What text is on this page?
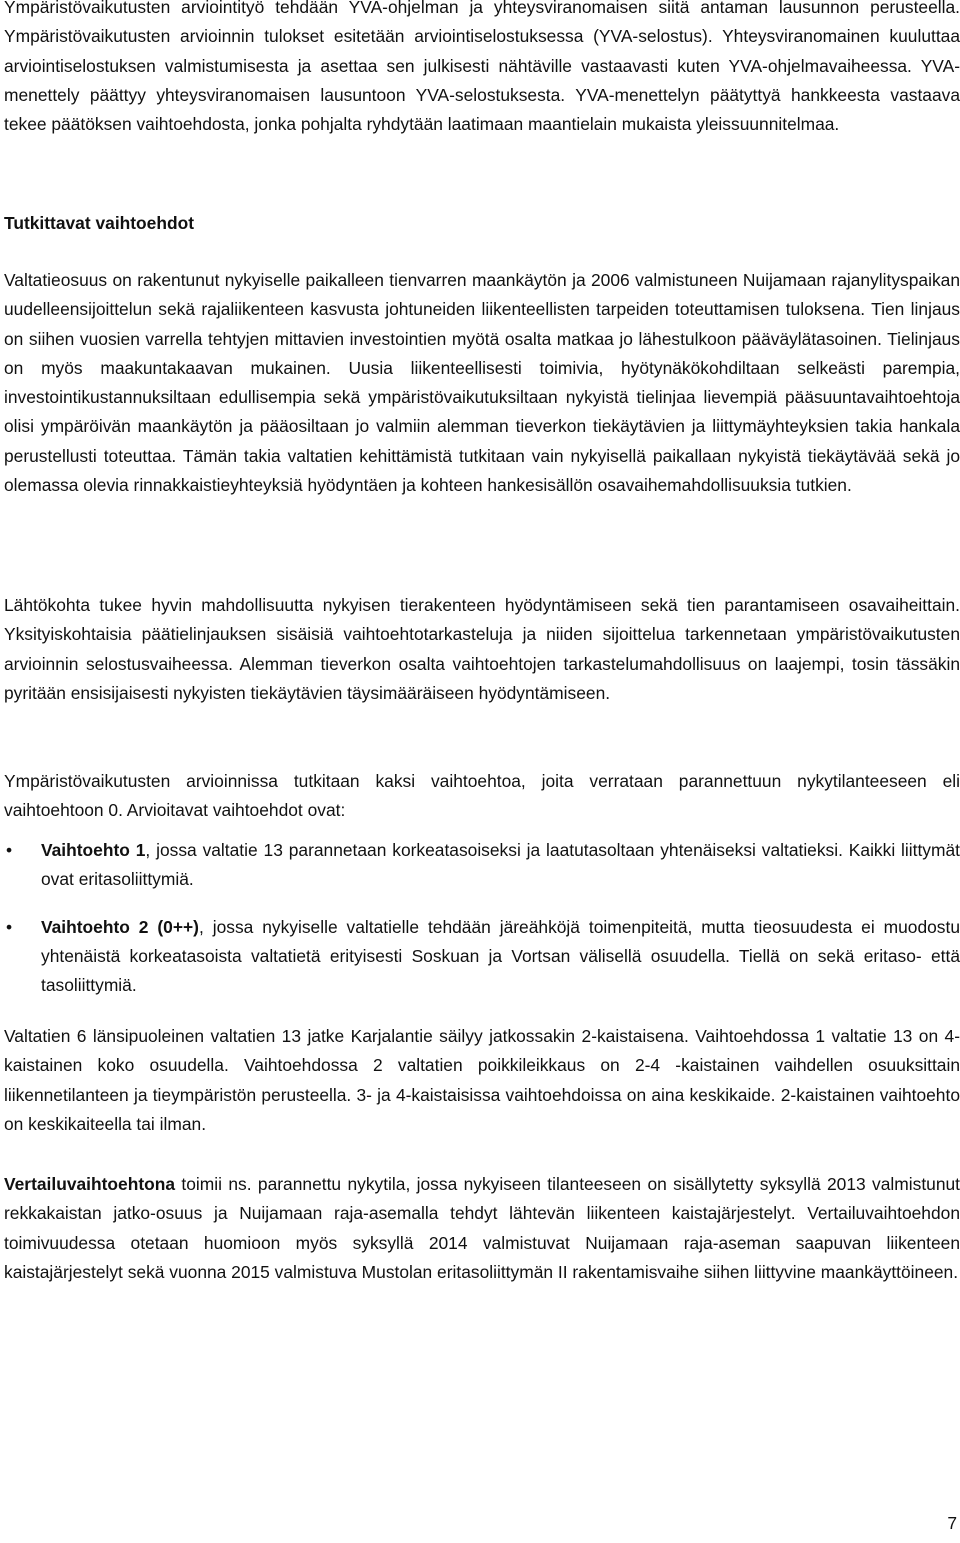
Ympäristövaikutusten arviointityö tehdään YVA-ohjelman ja yhteysviranomaisen siitä antaman lausunnon perusteella. Ympäristövaikutusten arvioinnin tulokset esitetään arviointiselostuksessa (YVA-selostus). Yhteysviranomainen kuuluttaa arviointiselostuksen valmistumisesta ja asettaa sen julkisesti nähtäville vastaavasti kuten YVA-ohjelmavaiheessa. YVA-menettely päättyy yhteysviranomaisen lausuntoon YVA-selostuksesta. YVA-menettelyn päätyttyä hankkeesta vastaava tekee päätöksen vaihtoehdosta, jonka pohjalta ryhdytään laatimaan maantielain mukaista yleissuunnitelmaa.

Tutkittavat vaihtoehdot

Valtatieosuus on rakentunut nykyiselle paikalleen tienvarren maankäytön ja 2006 valmistuneen Nuijamaan rajanylityspaikan uudelleensijoittelun sekä rajaliikenteen kasvusta johtuneiden liikenteellisten tarpeiden toteuttamisen tuloksena. Tien linjaus on siihen vuosien varrella tehtyjen mittavien investointien myötä osalta matkaa jo lähestulkoon pääväylätasoinen. Tielinjaus on myös maakuntakaavan mukainen. Uusia liikenteellisesti toimivia, hyötynäkökohdiltaan selkeästi parempia, investointikustannuksiltaan edullisempia sekä ympäristövaikutuksiltaan nykyistä tielinjaa lievempiä pääsuuntavaihtoehtoja olisi ympäröivän maankäytön ja pääosiltaan jo valmiin alemman tieverkon tiekäytävien ja liittymäyhteyksien takia hankala perustellusti toteuttaa. Tämän takia valtatien kehittämistä tutkitaan vain nykyisellä paikallaan nykyistä tiekäytävää sekä jo olemassa olevia rinnakkaistieyhteyksiä hyödyntäen ja kohteen hankesisällön osavaihemahdollisuuksia tutkien.

Lähtökohta tukee hyvin mahdollisuutta nykyisen tierakenteen hyödyntämiseen sekä tien parantamiseen osavaiheittain. Yksityiskohtaisia päätielinjauksen sisäisiä vaihtoehtotarkasteluja ja niiden sijoittelua tarkennetaan ympäristövaikutusten arvioinnin selostusvaiheessa. Alemman tieverkon osalta vaihtoehtojen tarkastelumahdollisuus on laajempi, tosin tässäkin pyritään ensisijaisesti nykyisten tiekäytävien täysimääräiseen hyödyntämiseen.

Ympäristövaikutusten arvioinnissa tutkitaan kaksi vaihtoehtoa, joita verrataan parannettuun nykytilanteeseen eli vaihtoehtoon 0. Arvioitavat vaihtoehdot ovat:

• Vaihtoehto 1, jossa valtatie 13 parannetaan korkeatasoiseksi ja laatutasoltaan yhtenäiseksi valtatieksi. Kaikki liittymät ovat eritasoliittymiä.
• Vaihtoehto 2 (0++), jossa nykyiselle valtatielle tehdään järeähköjä toimenpiteitä, mutta tieosuudesta ei muodostu yhtenäistä korkeatasoista valtatietä erityisesti Soskuan ja Vortsan välisellä osuudella. Tiellä on sekä eritaso- että tasoliittymiä.

Valtatien 6 länsipuoleinen valtatien 13 jatke Karjalantie säilyy jatkossakin 2-kaistaisena. Vaihtoehdossa 1 valtatie 13 on 4-kaistainen koko osuudella. Vaihtoehdossa 2 valtatien poikkileikkaus on 2-4 -kaistainen vaihdellen osuuksittain liikennetilanteen ja tieympäristön perusteella. 3- ja 4-kaistaisissa vaihtoehdoissa on aina keskikaide. 2-kaistainen vaihtoehto on keskikaiteella tai ilman.

Vertailuvaihtoehtona toimii ns. parannettu nykytila, jossa nykyiseen tilanteeseen on sisällytetty syksyllä 2013 valmistunut rekkakaistan jatko-osuus ja Nuijamaan raja-asemalla tehdyt lähtevän liikenteen kaistajärjestelyt. Vertailuvaihtoehdon toimivuudessa otetaan huomioon myös syksyllä 2014 valmistuvat Nuijamaan raja-aseman saapuvan liikenteen kaistajärjestelyt sekä vuonna 2015 valmistuva Mustolan eritasoliittymän II rakentamisvaihe siihen liittyvine maankäyttöineen.

7
